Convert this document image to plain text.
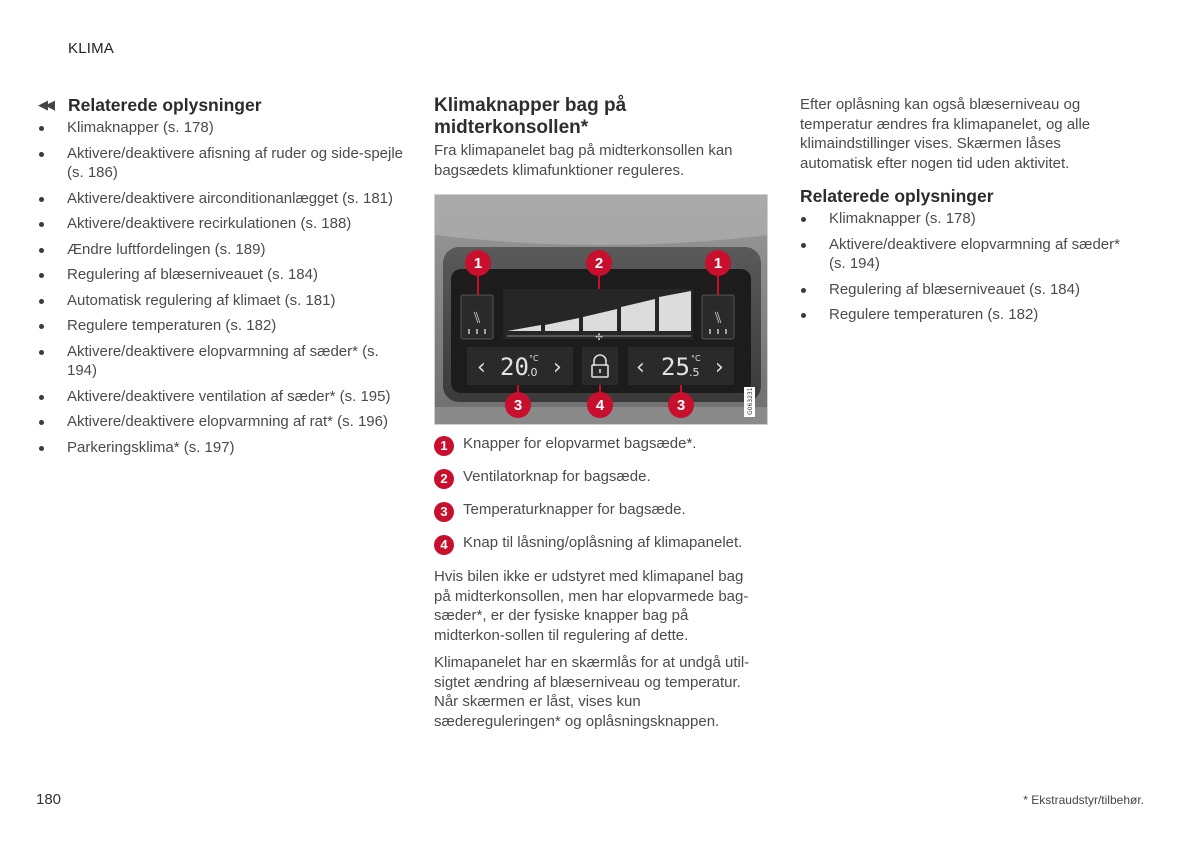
KLIMA
◀◀ Relaterede oplysninger
Klimaknapper (s. 178)
Aktivere/deaktivere afisning af ruder og side-spejle (s. 186)
Aktivere/deaktivere airconditionanlægget (s. 181)
Aktivere/deaktivere recirkulationen (s. 188)
Ændre luftfordelingen (s. 189)
Regulering af blæserniveauet (s. 184)
Automatisk regulering af klimaet (s. 181)
Regulere temperaturen (s. 182)
Aktivere/deaktivere elopvarmning af sæder* (s. 194)
Aktivere/deaktivere ventilation af sæder* (s. 195)
Aktivere/deaktivere elopvarmning af rat* (s. 196)
Parkeringsklima* (s. 197)
Klimaknapper bag på
midterkonsollen*

Fra klimapanelet bag på midterkonsollen kan bagsædets klimafunktioner reguleres.

⑊	⑊
✣
‹ 20 °C
.0 ›	‹ 25 °C
.5 ›
1	2	1
3	4	3	G063231
1	Knapper for elopvarmet bagsæde*.
2	Ventilatorknap for bagsæde.
3	Temperaturknapper for bagsæde.
4	Knap til låsning/oplåsning af klimapanelet.

Hvis bilen ikke er udstyret med klimapanel bag på midterkonsollen, men har elopvarmede bag-sæder*, er der fysiske knapper bag på midterkon-sollen til regulering af dette.

Klimapanelet har en skærmlås for at undgå util-sigtet ændring af blæserniveau og temperatur. Når skærmen er låst, vises kun sædereguleringen* og oplåsningsknappen.

Efter oplåsning kan også blæserniveau og temperatur ændres fra klimapanelet, og alle klimaindstillinger vises. Skærmen låses automatisk efter nogen tid uden aktivitet.

Relaterede oplysninger
Klimaknapper (s. 178)
Aktivere/deaktivere elopvarmning af sæder* (s. 194)
Regulering af blæserniveauet (s. 184)
Regulere temperaturen (s. 182)
180	* Ekstraudstyr/tilbehør.
